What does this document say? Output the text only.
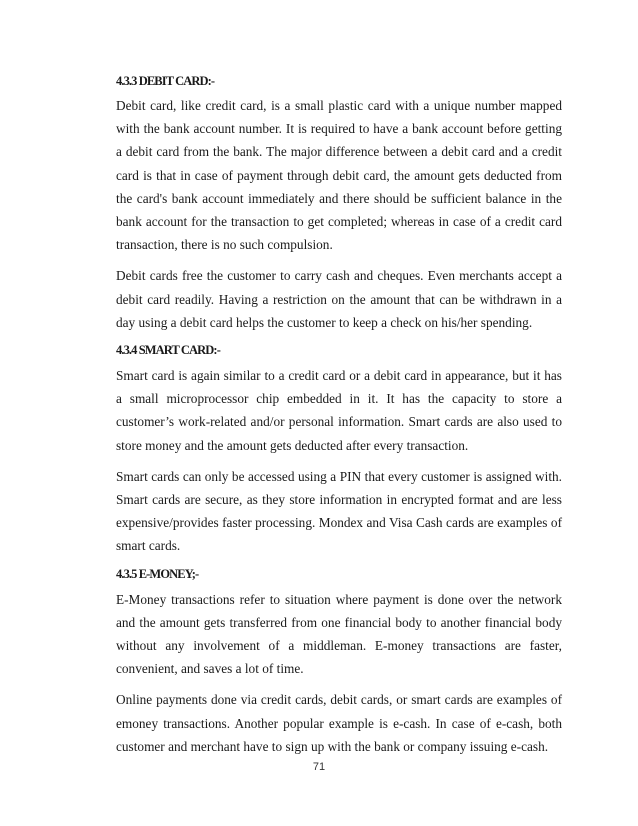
4.3.3 DEBIT CARD:-

Debit card, like credit card, is a small plastic card with a unique number mapped with the bank account number. It is required to have a bank account before getting a debit card from the bank. The major difference between a debit card and a credit card is that in case of payment through debit card, the amount gets deducted from the card's bank account immediately and there should be sufficient balance in the bank account for the transaction to get completed; whereas in case of a credit card transaction, there is no such compulsion.

Debit cards free the customer to carry cash and cheques. Even merchants accept a debit card readily. Having a restriction on the amount that can be withdrawn in a day using a debit card helps the customer to keep a check on his/her spending.

4.3.4 SMART CARD:-

Smart card is again similar to a credit card or a debit card in appearance, but it has a small microprocessor chip embedded in it. It has the capacity to store a customer’s work-related and/or personal information. Smart cards are also used to store money and the amount gets deducted after every transaction.

Smart cards can only be accessed using a PIN that every customer is assigned with. Smart cards are secure, as they store information in encrypted format and are less expensive/provides faster processing. Mondex and Visa Cash cards are examples of smart cards.

4.3.5 E-MONEY;-

E-Money transactions refer to situation where payment is done over the network and the amount gets transferred from one financial body to another financial body without any involvement of a middleman. E-money transactions are faster, convenient, and saves a lot of time.

Online payments done via credit cards, debit cards, or smart cards are examples of emoney transactions. Another popular example is e-cash. In case of e-cash, both customer and merchant have to sign up with the bank or company issuing e-cash.

71
